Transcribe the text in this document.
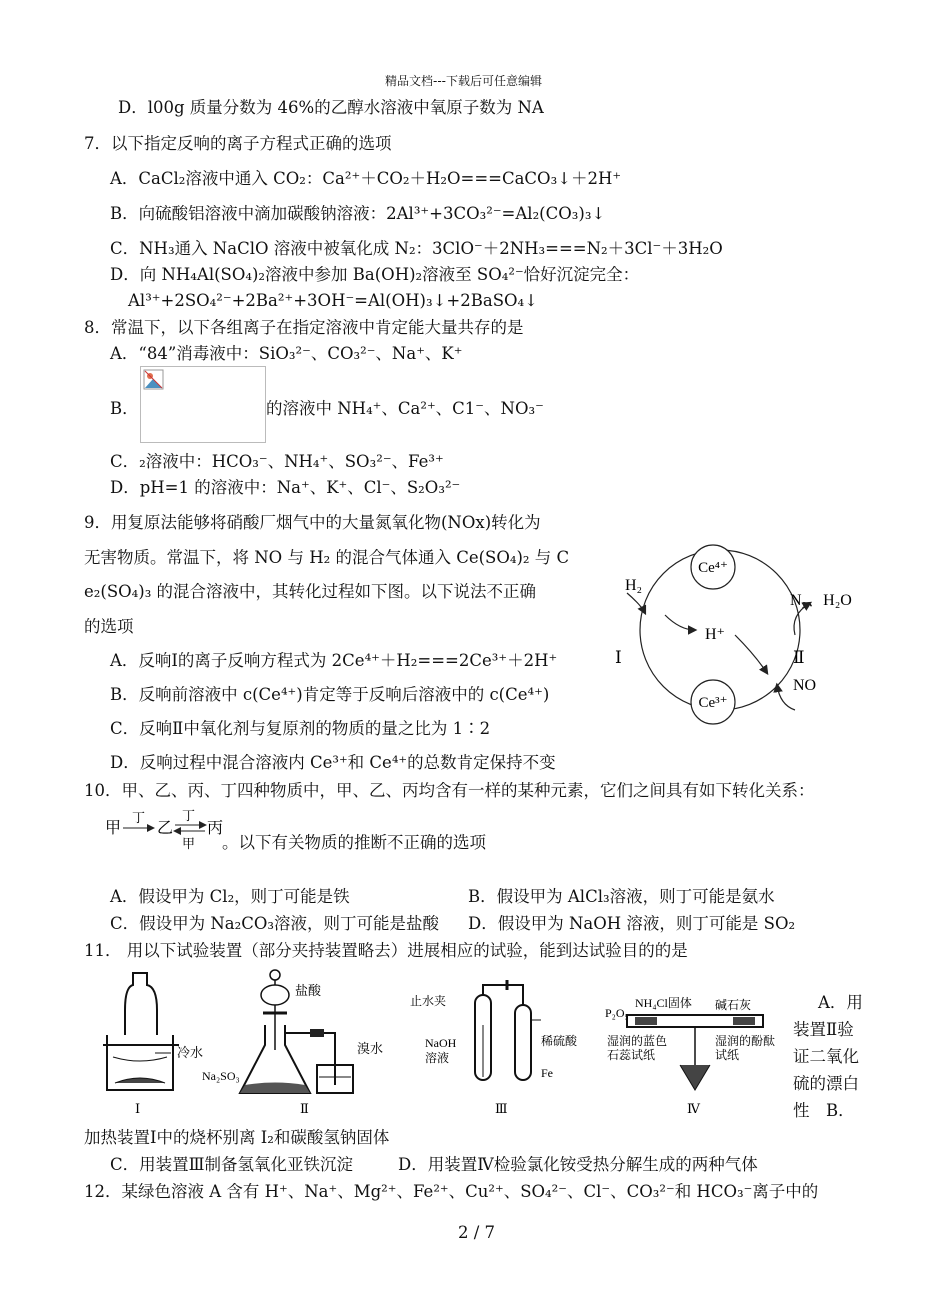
精品文档---下载后可任意编辑
D．l00g 质量分数为 46%的乙醇水溶液中氧原子数为 NA
7．以下指定反响的离子方程式正确的选项
A．CaCl₂溶液中通入 CO₂：Ca²⁺＋CO₂＋H₂O===CaCO₃↓＋2H⁺
B．向硫酸铝溶液中滴加碳酸钠溶液：2Al³⁺+3CO₃²⁻=Al₂(CO₃)₃↓
C．NH₃通入 NaClO 溶液中被氧化成 N₂：3ClO⁻＋2NH₃===N₂＋3Cl⁻＋3H₂O
D．向 NH₄Al(SO₄)₂溶液中参加 Ba(OH)₂溶液至 SO₄²⁻恰好沉淀完全：
Al³⁺+2SO₄²⁻+2Ba²⁺+3OH⁻=Al(OH)₃↓+2BaSO₄↓
8．常温下，以下各组离子在指定溶液中肯定能大量共存的是
A．“84”消毒液中：SiO₃²⁻、CO₃²⁻、Na⁺、K⁺
B．	的溶液中 NH₄⁺、Ca²⁺、C1⁻、NO₃⁻
C．₂溶液中：HCO₃⁻、NH₄⁺、SO₃²⁻、Fe³⁺
D．pH=1 的溶液中：Na⁺、K⁺、Cl⁻、S₂O₃²⁻
9．用复原法能够将硝酸厂烟气中的大量氮氧化物(NOx)转化为
无害物质。常温下，将 NO 与 H₂ 的混合气体通入 Ce(SO₄)₂ 与 C
e₂(SO₄)₃ 的混合溶液中，其转化过程如下图。以下说法不正确
的选项
A．反响Ⅰ的离子反响方程式为 2Ce⁴⁺＋H₂===2Ce³⁺＋2H⁺
B．反响前溶液中 c(Ce⁴⁺)肯定等于反响后溶液中的 c(Ce⁴⁺)
C．反响Ⅱ中氧化剂与复原剂的物质的量之比为 1∶2
D．反响过程中混合溶液内 Ce³⁺和 Ce⁴⁺的总数肯定保持不变
Ce⁴⁺
Ce³⁺
H₂
H⁺
N₂、H₂O
Ⅰ	Ⅱ
NO
10．甲、乙、丙、丁四种物质中，甲、乙、丙均含有一样的某种元素，它们之间具有如下转化关系：
甲
丁
乙
丁
甲
丙
。以下有关物质的推断不正确的选项
A．假设甲为 Cl₂，则丁可能是铁	B．假设甲为 AlCl₃溶液，则丁可能是氨水
C．假设甲为 Na₂CO₃溶液，则丁可能是盐酸 D．假设甲为 NaOH 溶液，则丁可能是 SO₂
11． 用以下试验装置（部分夹持装置略去）进展相应的试验，能到达试验目的的是
冷水
Ⅰ
盐酸
溴水
Na₂SO₃
Ⅱ
止水夹
NaOH
溶液
稀硫酸
Fe
Ⅲ
NH₄Cl固体
P₂O₅
碱石灰
湿润的蓝色
石蕊试纸
湿润的酚酞
试纸
Ⅳ
A．用
装置Ⅱ验
证二氧化
硫的漂白
性　B．
加热装置Ⅰ中的烧杯别离 I₂和碳酸氢钠固体
C．用装置Ⅲ制备氢氧化亚铁沉淀	D．用装置Ⅳ检验氯化铵受热分解生成的两种气体
12．某绿色溶液 A 含有 H⁺、Na⁺、Mg²⁺、Fe²⁺、Cu²⁺、SO₄²⁻、Cl⁻、CO₃²⁻和 HCO₃⁻离子中的
2 / 7
